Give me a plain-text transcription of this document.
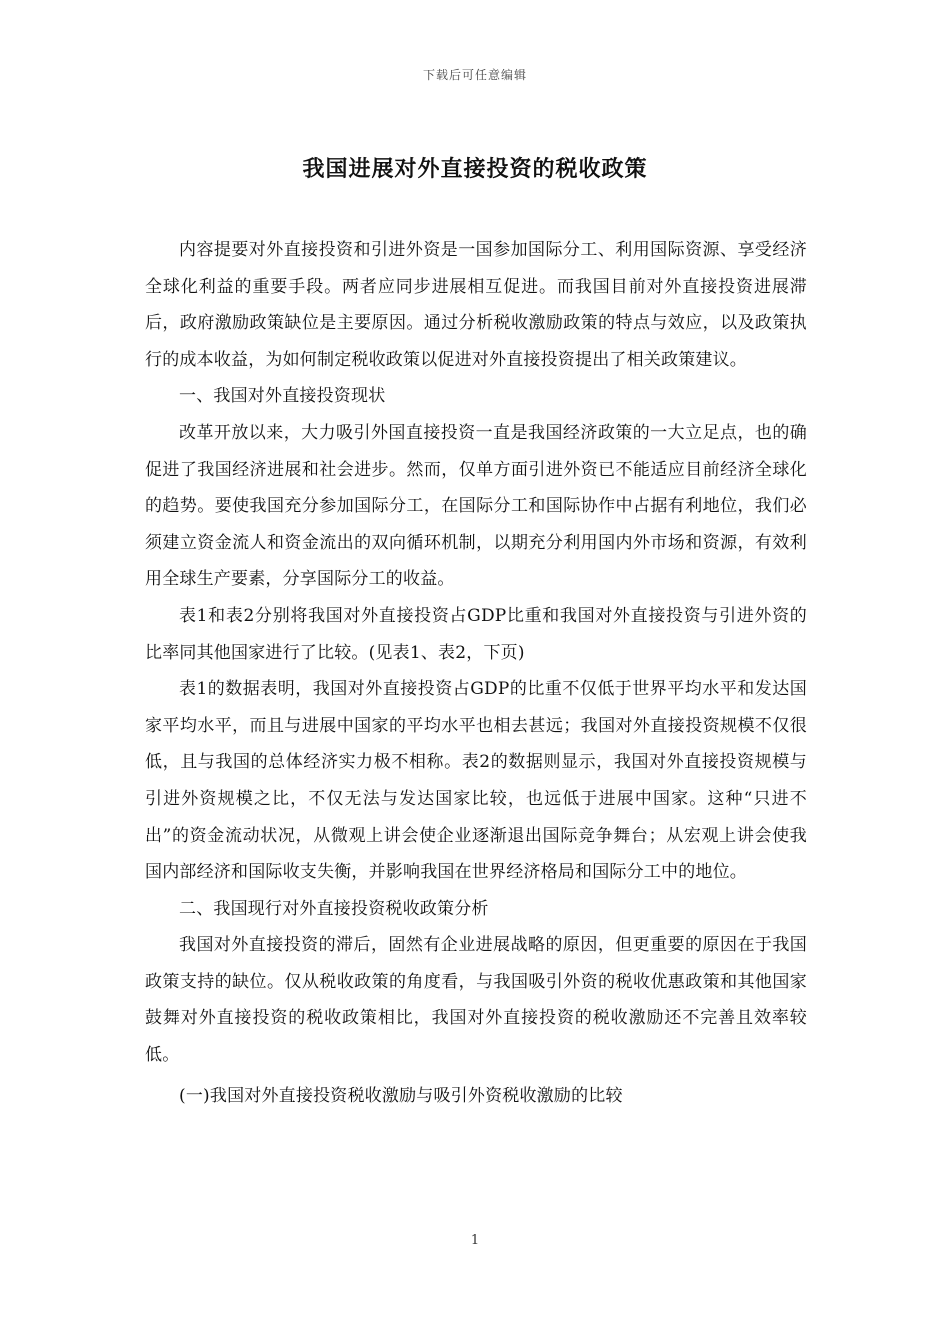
下载后可任意编辑
我国进展对外直接投资的税收政策

内容提要对外直接投资和引进外资是一国参加国际分工、利用国际资源、享受经济全球化利益的重要手段。两者应同步进展相互促进。而我国目前对外直接投资进展滞后，政府激励政策缺位是主要原因。通过分析税收激励政策的特点与效应，以及政策执行的成本收益，为如何制定税收政策以促进对外直接投资提出了相关政策建议。

一、我国对外直接投资现状

改革开放以来，大力吸引外国直接投资一直是我国经济政策的一大立足点，也的确促进了我国经济进展和社会进步。然而，仅单方面引进外资已不能适应目前经济全球化的趋势。要使我国充分参加国际分工，在国际分工和国际协作中占据有利地位，我们必须建立资金流人和资金流出的双向循环机制，以期充分利用国内外市场和资源，有效利用全球生产要素，分享国际分工的收益。

表1和表2分别将我国对外直接投资占GDP比重和我国对外直接投资与引进外资的比率同其他国家进行了比较。(见表1、表2，下页)

表1的数据表明，我国对外直接投资占GDP的比重不仅低于世界平均水平和发达国家平均水平，而且与进展中国家的平均水平也相去甚远；我国对外直接投资规模不仅很低，且与我国的总体经济实力极不相称。表2的数据则显示，我国对外直接投资规模与引进外资规模之比，不仅无法与发达国家比较，也远低于进展中国家。这种“只进不出”的资金流动状况，从微观上讲会使企业逐渐退出国际竞争舞台；从宏观上讲会使我国内部经济和国际收支失衡，并影响我国在世界经济格局和国际分工中的地位。

二、我国现行对外直接投资税收政策分析

我国对外直接投资的滞后，固然有企业进展战略的原因，但更重要的原因在于我国政策支持的缺位。仅从税收政策的角度看，与我国吸引外资的税收优惠政策和其他国家鼓舞对外直接投资的税收政策相比，我国对外直接投资的税收激励还不完善且效率较低。

(一)我国对外直接投资税收激励与吸引外资税收激励的比较

1
